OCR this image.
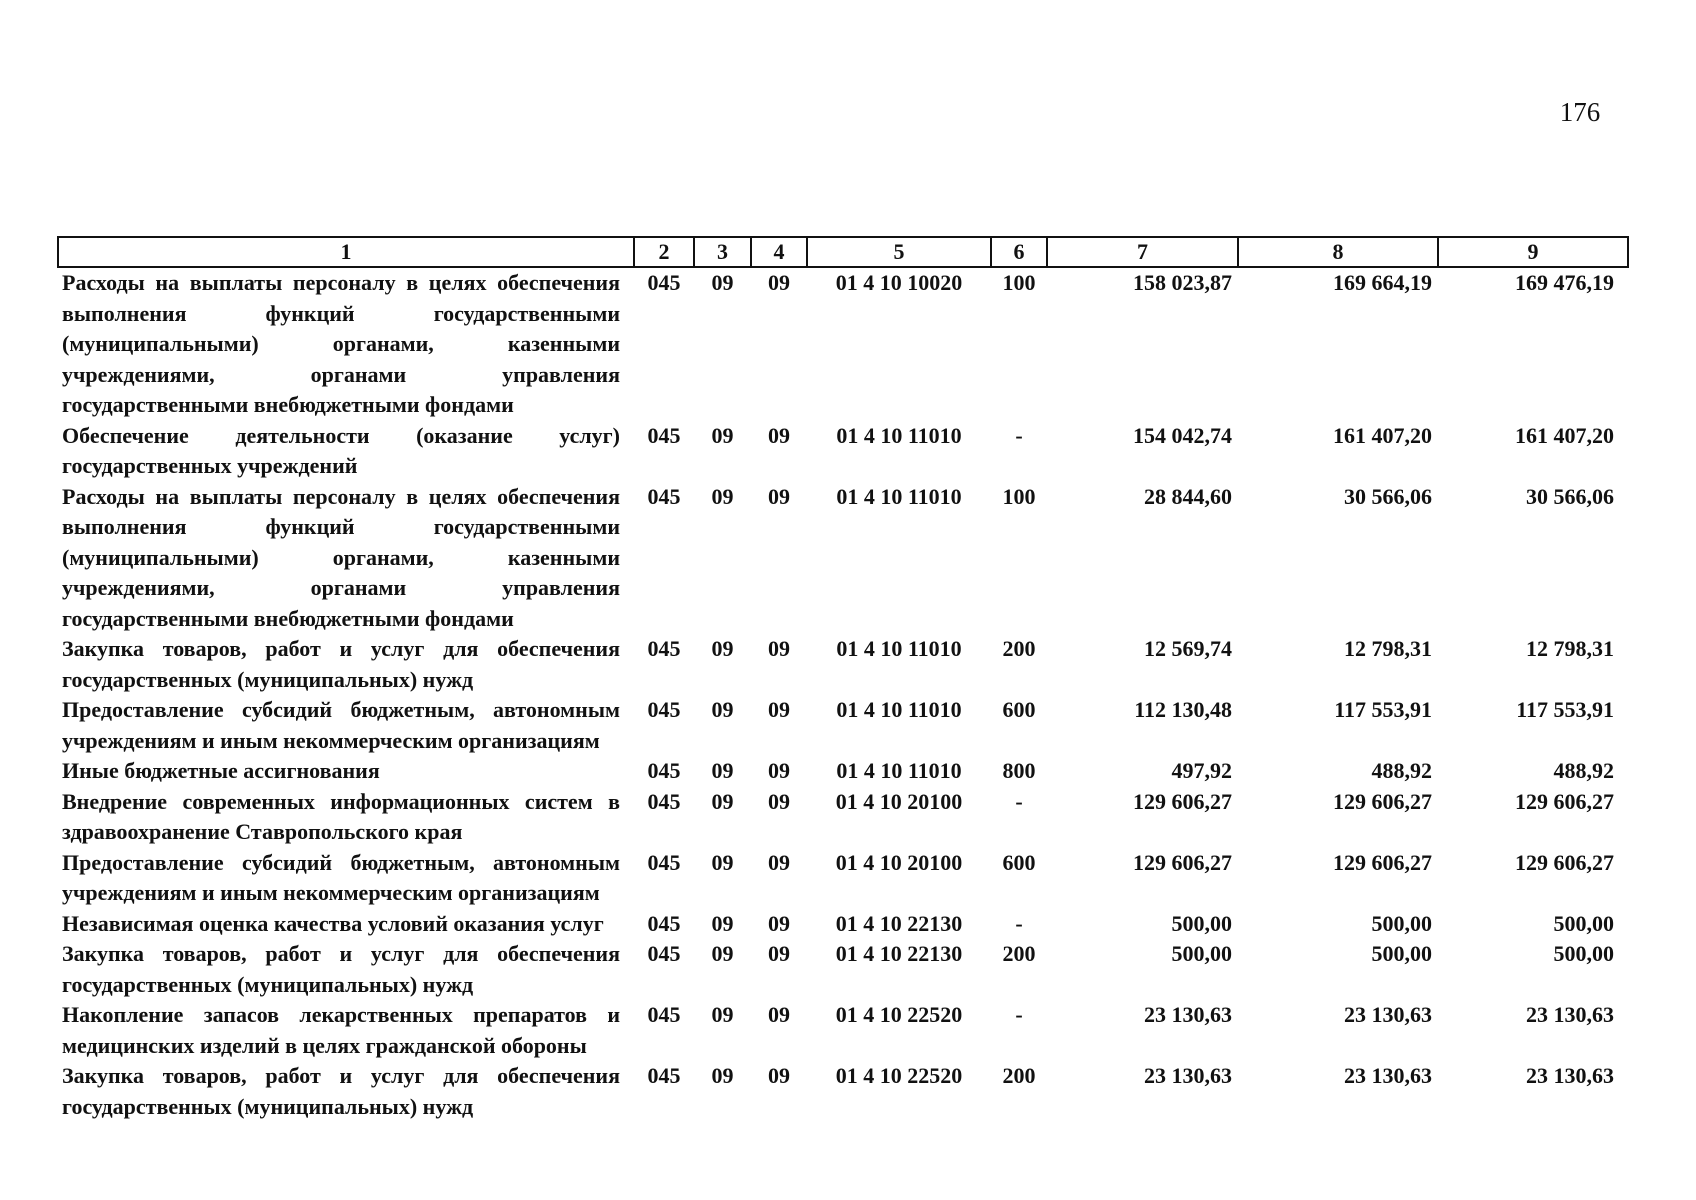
176
1	2	3	4	5	6	7	8	9
Расходы на выплаты персоналу в целях обеспечения выполнения функций государственными (муниципальными) органами, казенными учреждениями, органами управления государственными внебюджетными фондами	045	09	09	01 4 10 10020	100	158 023,87	169 664,19	169 476,19
Обеспечение деятельности (оказание услуг) государственных учреждений	045	09	09	01 4 10 11010	-	154 042,74	161 407,20	161 407,20
Расходы на выплаты персоналу в целях обеспечения выполнения функций государственными (муниципальными) органами, казенными учреждениями, органами управления государственными внебюджетными фондами	045	09	09	01 4 10 11010	100	28 844,60	30 566,06	30 566,06
Закупка товаров, работ и услуг для обеспечения государственных (муниципальных) нужд	045	09	09	01 4 10 11010	200	12 569,74	12 798,31	12 798,31
Предоставление субсидий бюджетным, автономным учреждениям и иным некоммерческим организациям	045	09	09	01 4 10 11010	600	112 130,48	117 553,91	117 553,91
Иные бюджетные ассигнования	045	09	09	01 4 10 11010	800	497,92	488,92	488,92
Внедрение современных информационных систем в здравоохранение Ставропольского края	045	09	09	01 4 10 20100	-	129 606,27	129 606,27	129 606,27
Предоставление субсидий бюджетным, автономным учреждениям и иным некоммерческим организациям	045	09	09	01 4 10 20100	600	129 606,27	129 606,27	129 606,27
Независимая оценка качества условий оказания услуг	045	09	09	01 4 10 22130	-	500,00	500,00	500,00
Закупка товаров, работ и услуг для обеспечения государственных (муниципальных) нужд	045	09	09	01 4 10 22130	200	500,00	500,00	500,00
Накопление запасов лекарственных препаратов и медицинских изделий в целях гражданской обороны	045	09	09	01 4 10 22520	-	23 130,63	23 130,63	23 130,63
Закупка товаров, работ и услуг для обеспечения государственных (муниципальных) нужд	045	09	09	01 4 10 22520	200	23 130,63	23 130,63	23 130,63
